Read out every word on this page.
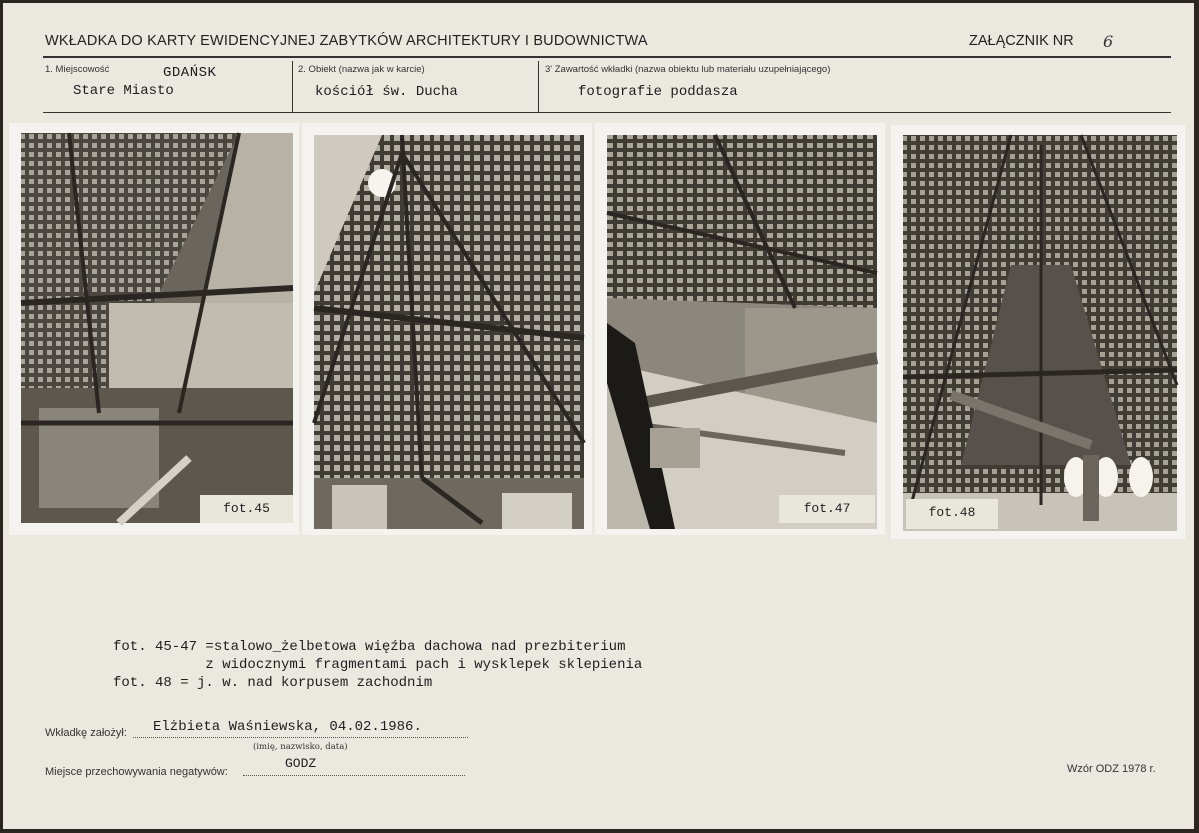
WKŁADKA DO KARTY EWIDENCYJNEJ ZABYTKÓW ARCHITEKTURY I BUDOWNICTWA	ZAŁĄCZNIK NR 6
1. Miejscowość	GDAŃSK
Stare Miasto
2. Obiekt (nazwa jak w karcie)
kościół św. Ducha
3' Zawartość wkładki (nazwa obiektu lub materiału uzupełniającego)
fotografie poddasza
fot.45	fot.47	fot.48
fot. 45-47 =stalowo_żelbetowa więźba dachowa nad prezbiterium
z widocznymi fragmentami pach i wysklepek sklepienia
fot. 48 = j. w. nad korpusem zachodnim
Wkładkę założył: Elżbieta Waśniewska, 04.02.1986.
(imię, nazwisko, data)
Miejsce przechowywania negatywów:
GODZ	Wzór ODZ 1978 r.
